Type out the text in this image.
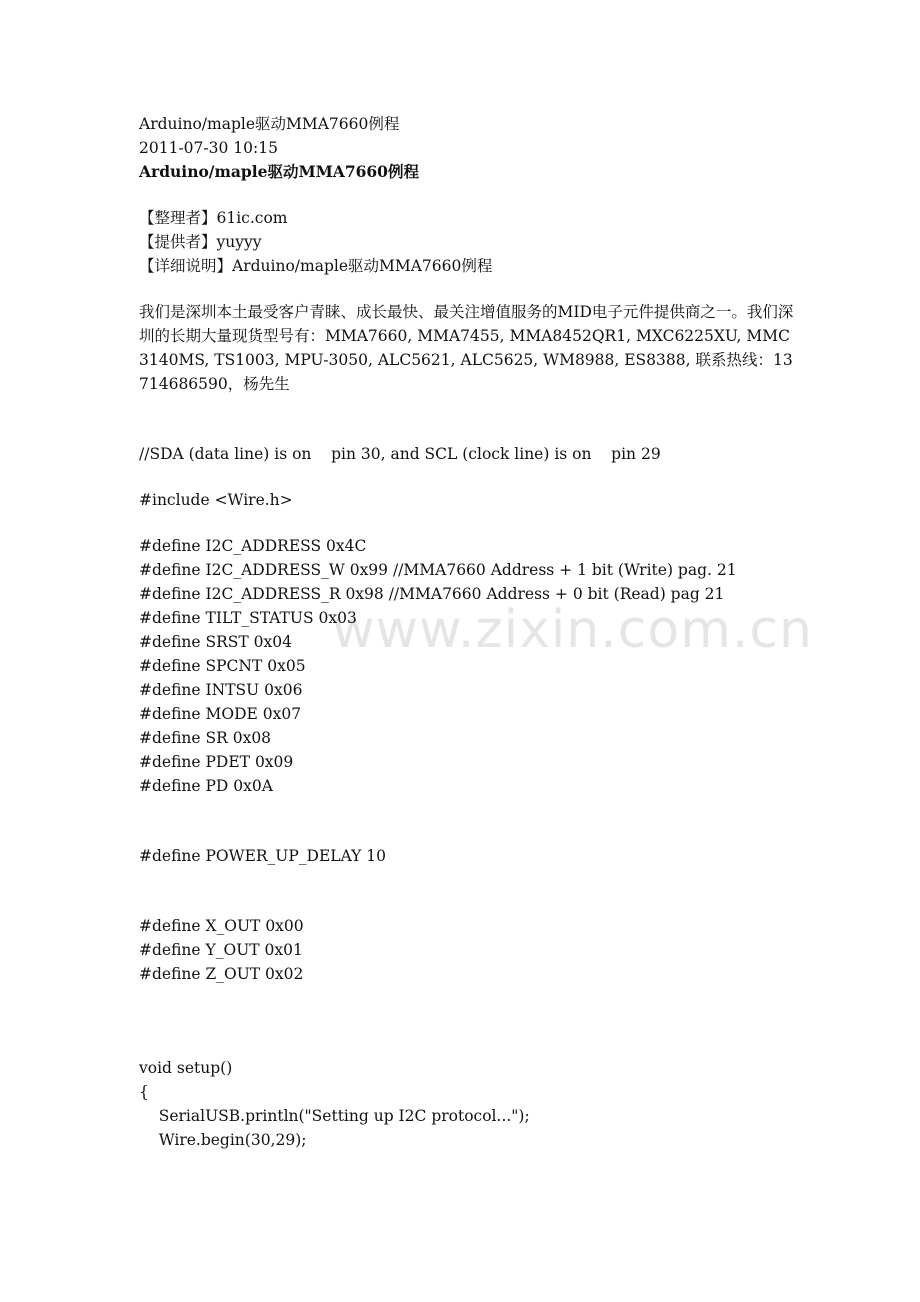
Arduino/maple驱动MMA7660例程
2011-07-30 10:15
Arduino/maple驱动MMA7660例程
【整理者】61ic.com
【提供者】yuyyy
【详细说明】Arduino/maple驱动MMA7660例程
我们是深圳本土最受客户青睐、成长最快、最关注增值服务的MID电子元件提供商之一。我们深圳的长期大量现货型号有：MMA7660, MMA7455, MMA8452QR1, MXC6225XU, MMC3140MS, TS1003, MPU-3050, ALC5621, ALC5625, WM8988, ES8388, 联系热线：13714686590，杨先生
//SDA (data line) is on    pin 30, and SCL (clock line) is on    pin 29
#include <Wire.h>
#define I2C_ADDRESS 0x4C
#define I2C_ADDRESS_W 0x99 //MMA7660 Address + 1 bit (Write) pag. 21
#define I2C_ADDRESS_R 0x98 //MMA7660 Address + 0 bit (Read) pag 21
#define TILT_STATUS 0x03
#define SRST 0x04
#define SPCNT 0x05
#define INTSU 0x06
#define MODE 0x07
#define SR 0x08
#define PDET 0x09
#define PD 0x0A
#define POWER_UP_DELAY 10
#define X_OUT 0x00
#define Y_OUT 0x01
#define Z_OUT 0x02
void setup()
{
SerialUSB.println("Setting up I2C protocol...");
Wire.begin(30,29);
www.zixin.com.cn
